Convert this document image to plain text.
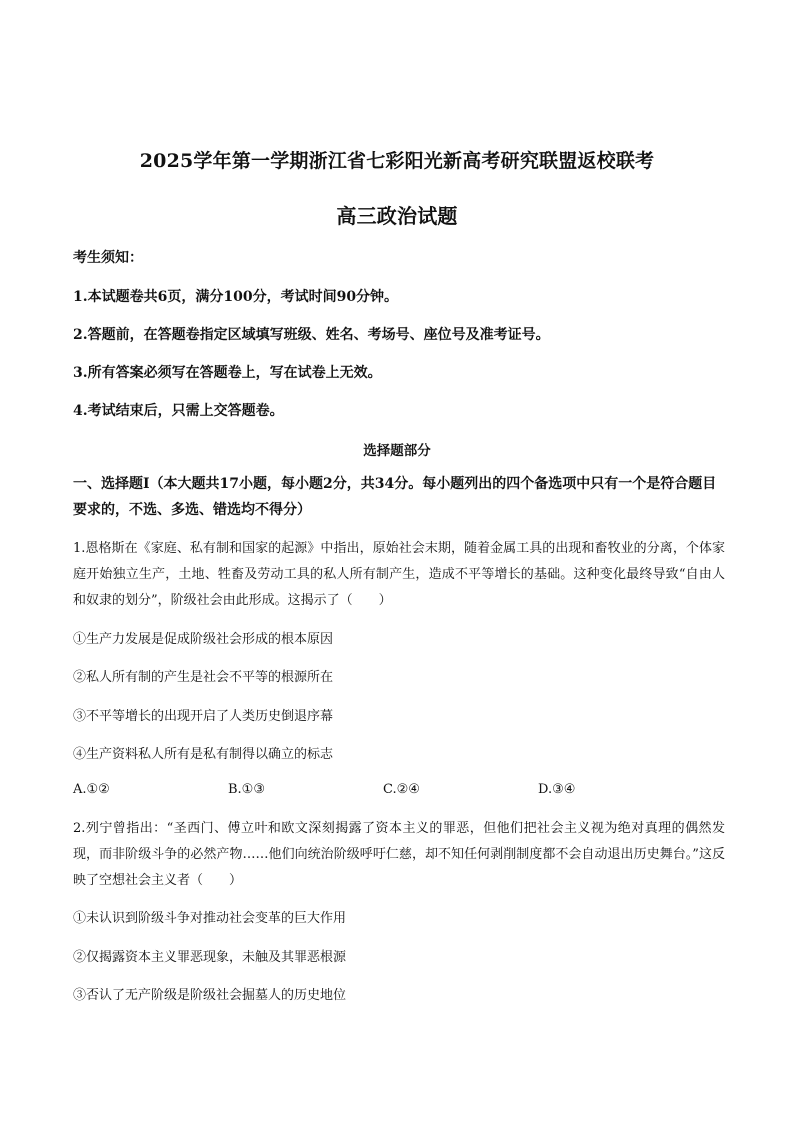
2025学年第一学期浙江省七彩阳光新高考研究联盟返校联考
高三政治试题
考生须知：
1.本试题卷共6页，满分100分，考试时间90分钟。
2.答题前，在答题卷指定区域填写班级、姓名、考场号、座位号及准考证号。
3.所有答案必须写在答题卷上，写在试卷上无效。
4.考试结束后，只需上交答题卷。
选择题部分
一、选择题Ⅰ（本大题共17小题，每小题2分，共34分。每小题列出的四个备选项中只有一个是符合题目要求的，不选、多选、错选均不得分）
1.恩格斯在《家庭、私有制和国家的起源》中指出，原始社会末期，随着金属工具的出现和畜牧业的分离，个体家庭开始独立生产，土地、牲畜及劳动工具的私人所有制产生，造成不平等增长的基础。这种变化最终导致“自由人和奴隶的划分”，阶级社会由此形成。这揭示了（　　）
①生产力发展是促成阶级社会形成的根本原因
②私人所有制的产生是社会不平等的根源所在
③不平等增长的出现开启了人类历史倒退序幕
④生产资料私人所有是私有制得以确立的标志
A.①②	B.①③	C.②④	D.③④
2.列宁曾指出：“圣西门、傅立叶和欧文深刻揭露了资本主义的罪恶，但他们把社会主义视为绝对真理的偶然发现，而非阶级斗争的必然产物……他们向统治阶级呼吁仁慈，却不知任何剥削制度都不会自动退出历史舞台。”这反映了空想社会主义者（　　）
①未认识到阶级斗争对推动社会变革的巨大作用
②仅揭露资本主义罪恶现象，未触及其罪恶根源
③否认了无产阶级是阶级社会掘墓人的历史地位
